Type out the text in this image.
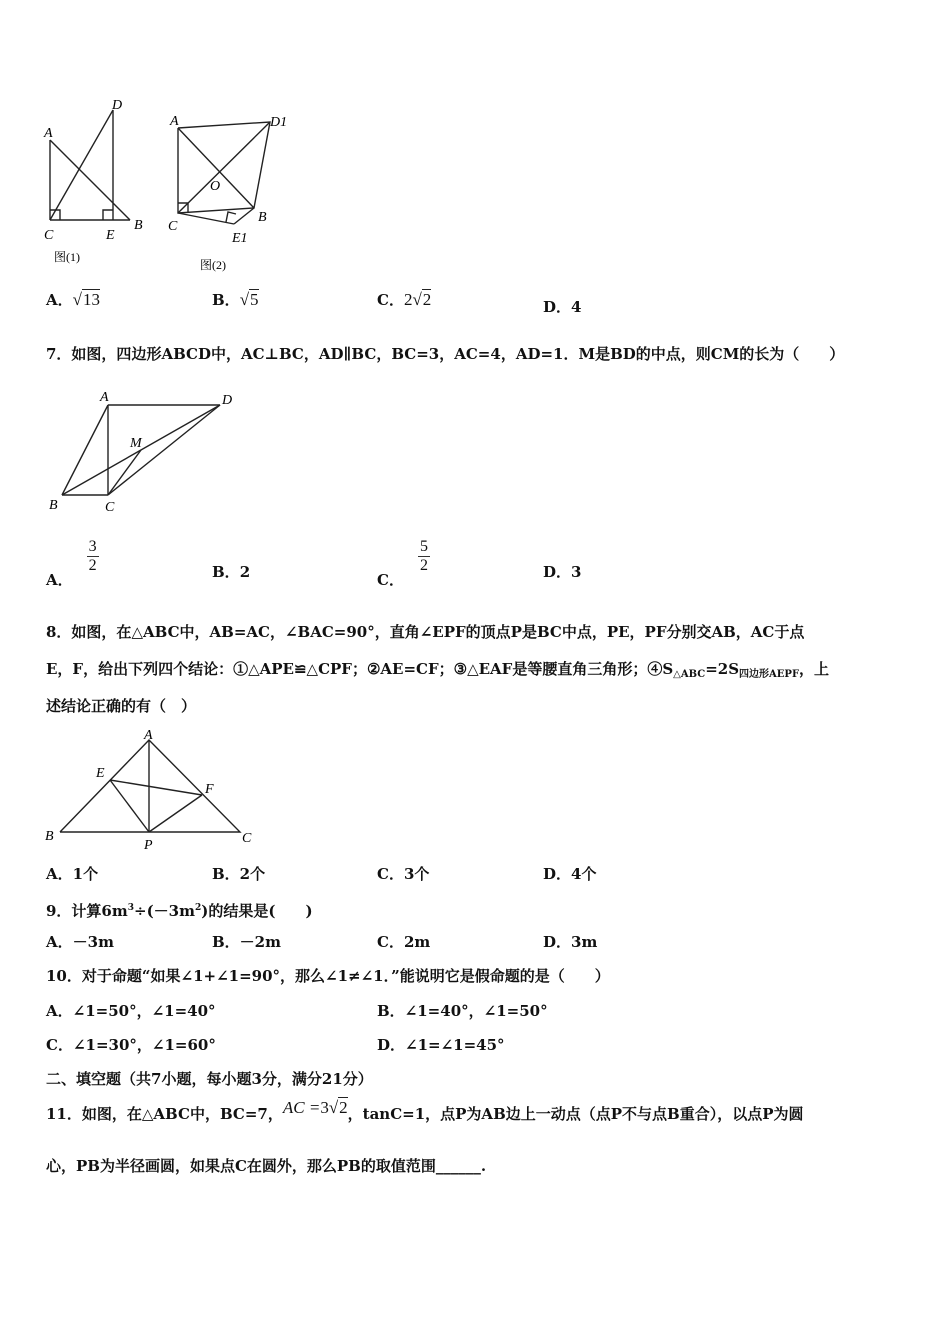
A
D
C	E
B
图(1)
A	D1
O
C
B
E1
图(2)
A．√13	B．√5	C．2√2	D．4
7．如图，四边形ABCD中，AC⊥BC，AD∥BC，BC=3，AC=4，AD=1．M是BD的中点，则CM的长为（　　）
A	D
M
B	C
A．
$\frac{3}{2}$	B．2	C．
$\frac{5}{2}$	D．3
8．如图，在△ABC中，AB=AC，∠BAC=90°，直角∠EPF的顶点P是BC中点，PE，PF分别交AB，AC于点
E，F，给出下列四个结论：①△APE≌△CPF；②AE=CF；③△EAF是等腰直角三角形；$④S_{\triangle ABC}=2S_{四边形AEPF}$，上
述结论正确的有（　）
A
E
F
B
P	C
A．1个	B．2个	C．3个	D．4个
9．计算$6m^3\div(-3m^2)$的结果是(　　)
A．－3m	B．－2m	C．2m	D．3m
10．对于命题“如果∠1+∠1=90°，那么∠1≠∠1．”能说明它是假命题的是（　　）
A．∠1=50°，∠1=40°	B．∠1=40°，∠1=50°
C．∠1=30°，∠1=60°	D．∠1=∠1=45°
二、填空题（共7小题，每小题3分，满分21分）
11．如图，在△ABC中，BC=7，AC =3√2，tanC=1，点P为AB边上一动点（点P不与点B重合），以点P为圆
心，PB为半径画圆，如果点C在圆外，那么PB的取值范围______.
